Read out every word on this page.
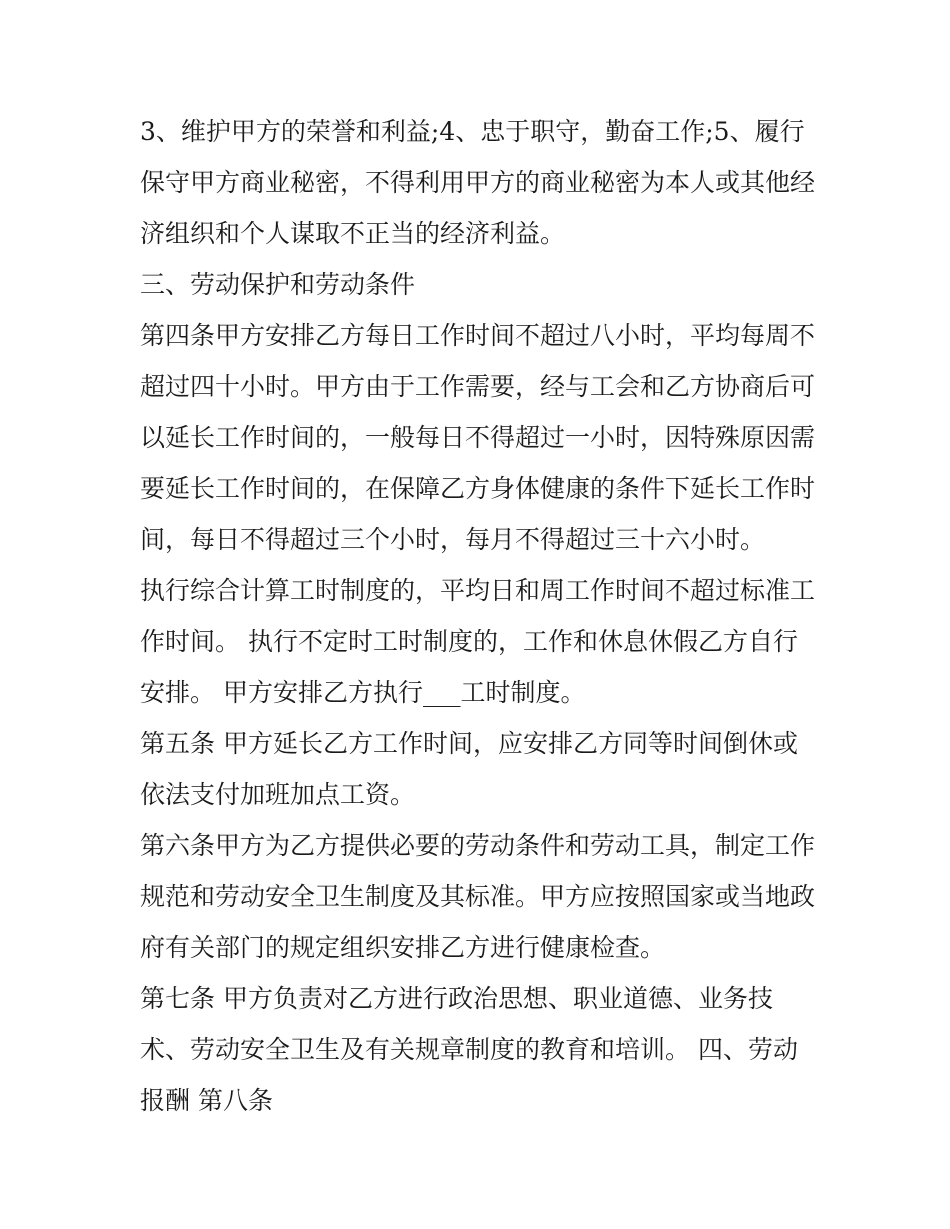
3、维护甲方的荣誉和利益;4、忠于职守，勤奋工作;5、履行
保守甲方商业秘密，不得利用甲方的商业秘密为本人或其他经
济组织和个人谋取不正当的经济利益。
三、劳动保护和劳动条件
第四条甲方安排乙方每日工作时间不超过八小时，平均每周不
超过四十小时。甲方由于工作需要，经与工会和乙方协商后可
以延长工作时间的，一般每日不得超过一小时，因特殊原因需
要延长工作时间的，在保障乙方身体健康的条件下延长工作时
间，每日不得超过三个小时，每月不得超过三十六小时。
执行综合计算工时制度的，平均日和周工作时间不超过标准工
作时间。 执行不定时工时制度的，工作和休息休假乙方自行
安排。 甲方安排乙方执行___工时制度。
第五条 甲方延长乙方工作时间，应安排乙方同等时间倒休或
依法支付加班加点工资。
第六条甲方为乙方提供必要的劳动条件和劳动工具，制定工作
规范和劳动安全卫生制度及其标准。甲方应按照国家或当地政
府有关部门的规定组织安排乙方进行健康检查。
第七条 甲方负责对乙方进行政治思想、职业道德、业务技
术、劳动安全卫生及有关规章制度的教育和培训。 四、劳动
报酬 第八条
